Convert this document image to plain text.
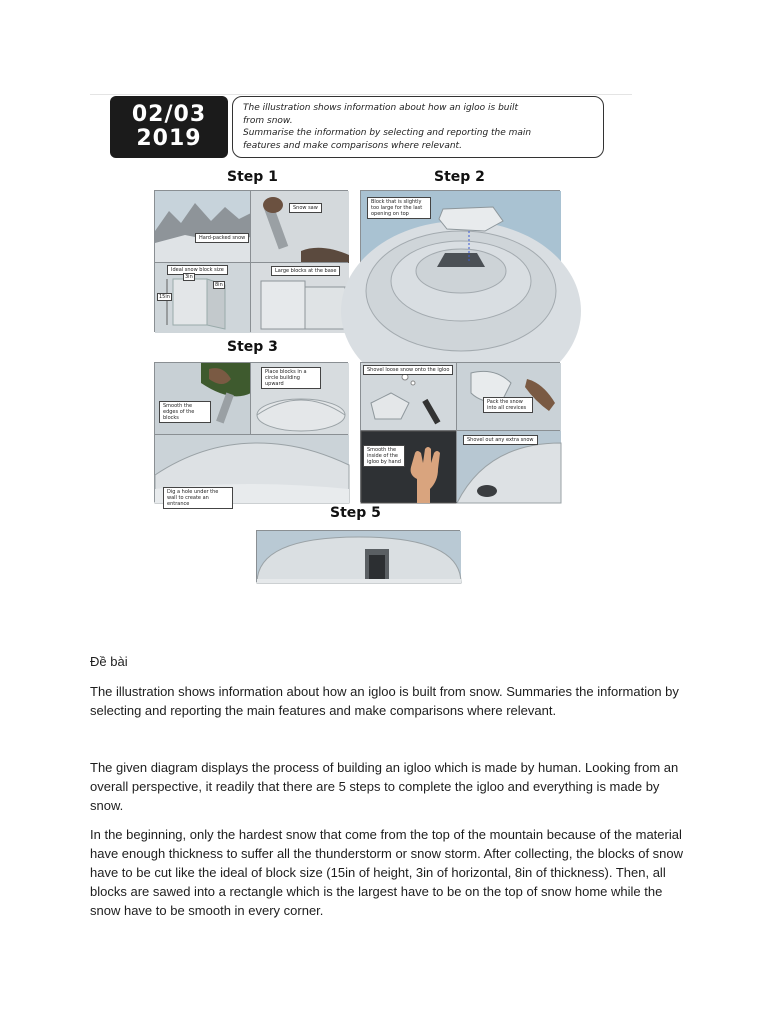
02/03
2019
The illustration shows information about how an igloo is built
from snow.
Summarise the information by selecting and reporting the main
features and make comparisons where relevant.
Step 1	Step 2
Step 3
Step 5
Hard-packed snow
Snow saw
Ideal snow block size
15in
3in
8in
Large blocks at the base
Block that is slightly too large for the last opening on top
Smooth the edges of the blocks
Place blocks in a circle building upward
Dig a hole under the wall to create an entrance
Shovel loose snow onto the igloo
Pack the snow into all crevices
Smooth the inside of the igloo by hand
Shovel out any extra snow

Đề bài

The illustration shows information about how an igloo is built from snow. Summaries the information by

selecting and reporting the main features and make comparisons where relevant.

The given diagram displays the process of building an igloo which is made by human. Looking from an

overall perspective, it readily that there are 5 steps to complete the igloo and everything is made by

snow.

In the beginning, only the hardest snow that come from the top of the mountain because of the material

have enough thickness to suffer all the thunderstorm or snow storm. After collecting, the blocks of snow

have to be cut like the ideal of block size (15in of height, 3in of horizontal, 8in of thickness). Then, all

blocks are sawed into a rectangle which is the largest have to be on the top of snow home while the

snow have to be smooth in every corner.
